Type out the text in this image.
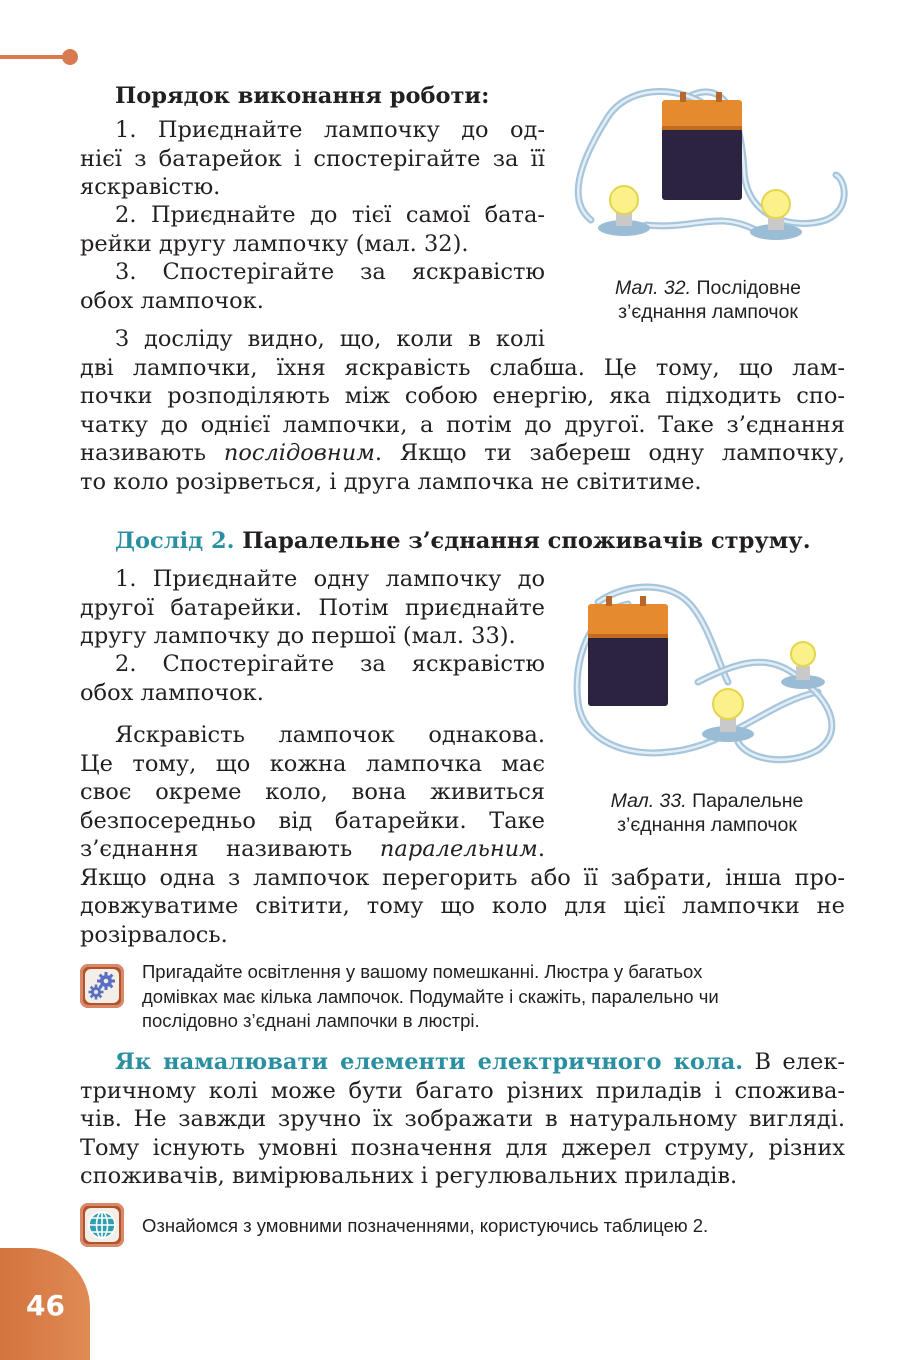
Порядок виконання роботи:
1. Приєднайте лампочку до од-
нієї з батарейок і спостерігайте за її
яскравістю.
2. Приєднайте до тієї самої бата-
рейки другу лампочку (мал. 32).
3. Спостерігайте за яскравістю
обох лампочок.	Мал. 32. Послідовне
з’єднання лампочок
З досліду видно, що, коли в колі
дві лампочки, їхня яскравість слабша. Це тому, що лам-
почки розподіляють між собою енергію, яка підходить спо-
чатку до однієї лампочки, а потім до другої. Таке з’єднання
називають послідовним. Якщо ти забереш одну лампочку,
то коло розірветься, і друга лампочка не світитиме.
Дослід 2. Паралельне з’єднання споживачів струму.
1. Приєднайте одну лампочку до
другої батарейки. Потім приєднайте
другу лампочку до першої (мал. 33).
2. Спостерігайте за яскравістю
обох лампочок.
Мал. 33. Паралельне
з’єднання лампочок
Яскравість лампочок однакова.
Це тому, що кожна лампочка має
своє окреме коло, вона живиться
безпосередньо від батарейки. Таке
з’єднання називають паралельним.
Якщо одна з лампочок перегорить або її забрати, інша про-
довжуватиме світити, тому що коло для цієї лампочки не
розірвалось.
Пригадайте освітлення у вашому помешканні. Люстра у багатьох
домівках має кілька лампочок. Подумайте і скажіть, паралельно чи
послідовно з’єднані лампочки в люстрі.
Як намалювати елементи електричного кола. В елек-
тричному колі може бути багато різних приладів і спожива-
чів. Не завжди зручно їх зображати в натуральному вигляді.
Тому існують умовні позначення для джерел струму, різних
споживачів, вимірювальних і регулювальних приладів.
Ознайомся з умовними позначеннями, користуючись таблицею 2.
46
